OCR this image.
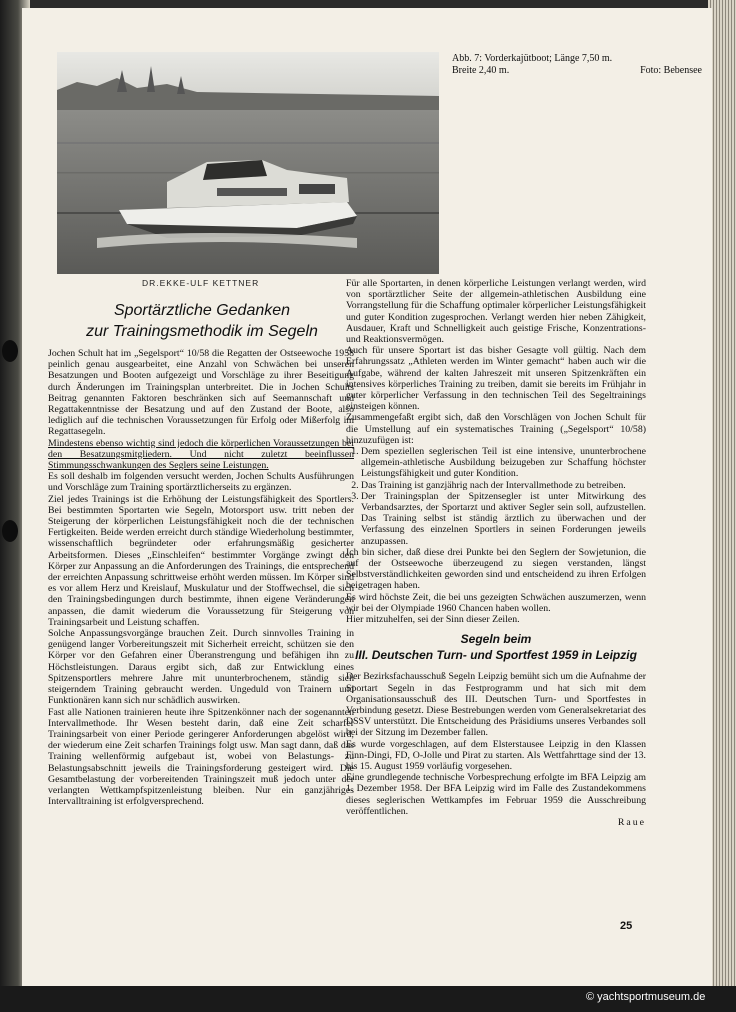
Abb. 7: Vorderkajütboot; Länge 7,50 m.
Breite 2,40 m.	Foto: Bebensee
DR.EKKE-ULF KETTNER
Sportärztliche Gedanken
zur Trainingsmethodik im Segeln

Jochen Schult hat im „Segelsport“ 10/58 die Regatten der Ostseewoche 1958 peinlich genau ausgearbeitet, eine Anzahl von Schwächen bei unseren Besatzungen und Booten aufgezeigt und Vorschläge zu ihrer Beseitigung durch Änderungen im Trainingsplan unterbreitet. Die in Jochen Schults Beitrag genannten Faktoren beschränken sich auf Seemannschaft und Regattakenntnisse der Besatzung und auf den Zustand der Boote, also lediglich auf die technischen Voraussetzungen für Erfolg oder Mißerfolg im Regattasegeln.

Mindestens ebenso wichtig sind jedoch die körperlichen Voraussetzungen bei den Besatzungsmitgliedern. Und nicht zuletzt beeinflussen Stimmungsschwankungen des Seglers seine Leistungen.

Es soll deshalb im folgenden versucht werden, Jochen Schults Ausführungen und Vorschläge zum Training sportärztlicherseits zu ergänzen.

Ziel jedes Trainings ist die Erhöhung der Leistungsfähigkeit des Sportlers. Bei bestimmten Sportarten wie Segeln, Motorsport usw. tritt neben der Steigerung der körperlichen Leistungsfähigkeit noch die der technischen Fertigkeiten. Beide werden erreicht durch ständige Wiederholung bestimmter, wissenschaftlich begründeter oder erfahrungsmäßig gesicherter Arbeitsformen. Dieses „Einschleifen“ bestimmter Vorgänge zwingt den Körper zur Anpassung an die Anforderungen des Trainings, die entsprechend der erreichten Anpassung schrittweise erhöht werden müssen. Im Körper sind es vor allem Herz und Kreislauf, Muskulatur und der Stoffwechsel, die sich den Trainingsbedingungen durch bestimmte, ihnen eigene Veränderungen anpassen, die damit wiederum die Voraussetzung für Steigerung von Trainingsarbeit und Leistung schaffen.

Solche Anpassungsvorgänge brauchen Zeit. Durch sinnvolles Training in genügend langer Vorbereitungszeit mit Sicherheit erreicht, schützen sie den Körper vor den Gefahren einer Überanstrengung und befähigen ihn zu Höchstleistungen. Daraus ergibt sich, daß zur Entwicklung eines Spitzensportlers mehrere Jahre mit ununterbrochenem, ständig sich steigerndem Training gebraucht werden. Ungeduld von Trainern und Funktionären kann sich nur schädlich auswirken.

Fast alle Nationen trainieren heute ihre Spitzenkönner nach der sogenannten Intervallmethode. Ihr Wesen besteht darin, daß eine Zeit scharfer Trainingsarbeit von einer Periode geringerer Anforderungen abgelöst wird, der wiederum eine Zeit scharfen Trainings folgt usw. Man sagt dann, daß das Training wellenförmig aufgebaut ist, wobei von Belastungs- zu Belastungsabschnitt jeweils die Trainingsforderung gesteigert wird. Die Gesamtbelastung der vorbereitenden Trainingszeit muß jedoch unter der verlangten Wettkampfspitzenleistung bleiben. Nur ein ganzjähriges Intervalltraining ist erfolgversprechend.

Für alle Sportarten, in denen körperliche Leistungen verlangt werden, wird von sportärztlicher Seite der allgemein-athletischen Ausbildung eine Vorrangstellung für die Schaffung optimaler körperlicher Leistungsfähigkeit und guter Kondition zugesprochen. Verlangt werden hier neben Zähigkeit, Ausdauer, Kraft und Schnelligkeit auch geistige Frische, Konzentrations- und Reaktionsvermögen.

Auch für unsere Sportart ist das bisher Gesagte voll gültig. Nach dem Erfahrungssatz „Athleten werden im Winter gemacht“ haben auch wir die Aufgabe, während der kalten Jahreszeit mit unseren Spitzenkräften ein intensives körperliches Training zu treiben, damit sie bereits im Frühjahr in guter körperlicher Verfassung in den technischen Teil des Segeltrainings einsteigen können.

Zusammengefaßt ergibt sich, daß den Vorschlägen von Jochen Schult für die Umstellung auf ein systematisches Training („Segelsport“ 10/58) hinzuzufügen ist:

1. Dem speziellen seglerischen Teil ist eine intensive, ununterbrochene allgemein-athletische Ausbildung beizugeben zur Schaffung höchster Leistungsfähigkeit und guter Kondition.
2. Das Training ist ganzjährig nach der Intervallmethode zu betreiben.
3. Der Trainingsplan der Spitzensegler ist unter Mitwirkung des Verbandsarztes, der Sportarzt und aktiver Segler sein soll, aufzustellen. Das Training selbst ist ständig ärztlich zu überwachen und der Verfassung des einzelnen Sportlers in seinen Forderungen jeweils anzupassen.

Ich bin sicher, daß diese drei Punkte bei den Seglern der Sowjetunion, die auf der Ostseewoche überzeugend zu siegen verstanden, längst Selbstverständlichkeiten geworden sind und entscheidend zu ihren Erfolgen beigetragen haben.

Es wird höchste Zeit, die bei uns gezeigten Schwächen auszumerzen, wenn wir bei der Olympiade 1960 Chancen haben wollen.

Hier mitzuhelfen, sei der Sinn dieser Zeilen.

Segeln beim
III. Deutschen Turn- und Sportfest 1959 in Leipzig

Der Bezirksfachausschuß Segeln Leipzig bemüht sich um die Aufnahme der Sportart Segeln in das Festprogramm und hat sich mit dem Organisationsausschuß des III. Deutschen Turn- und Sportfestes in Verbindung gesetzt. Diese Bestrebungen werden vom Generalsekretariat des DSSV unterstützt. Die Entscheidung des Präsidiums unseres Verbandes soll bei der Sitzung im Dezember fallen.

Es wurde vorgeschlagen, auf dem Elsterstausee Leipzig in den Klassen Finn-Dingi, FD, O-Jolle und Pirat zu starten. Als Wettfahrttage sind der 13. bis 15. August 1959 vorläufig vorgesehen.

Eine grundlegende technische Vorbesprechung erfolgte im BFA Leipzig am 1. Dezember 1958. Der BFA Leipzig wird im Falle des Zustandekommens dieses seglerischen Wettkampfes im Februar 1959 die Ausschreibung veröffentlichen.

Raue
25
© yachtsportmuseum.de
